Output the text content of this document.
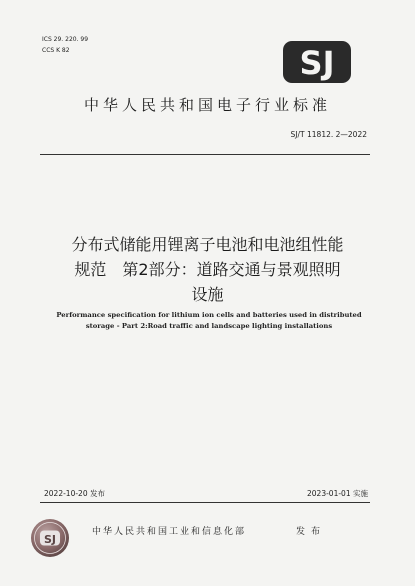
ICS 29. 220. 99
CCS K 82	SJ
中华人民共和国电子行业标准
SJ/T 11812. 2—2022
分布式储能用锂离子电池和电池组性能
规范　第2部分：道路交通与景观照明
设施
Performance specification for lithium ion cells and batteries used in distributed
storage - Part 2:Road traffic and landscape lighting installations
2022-10-20 发布	2023-01-01 实施
SJ
中华人民共和国工业和信息化部	发布
